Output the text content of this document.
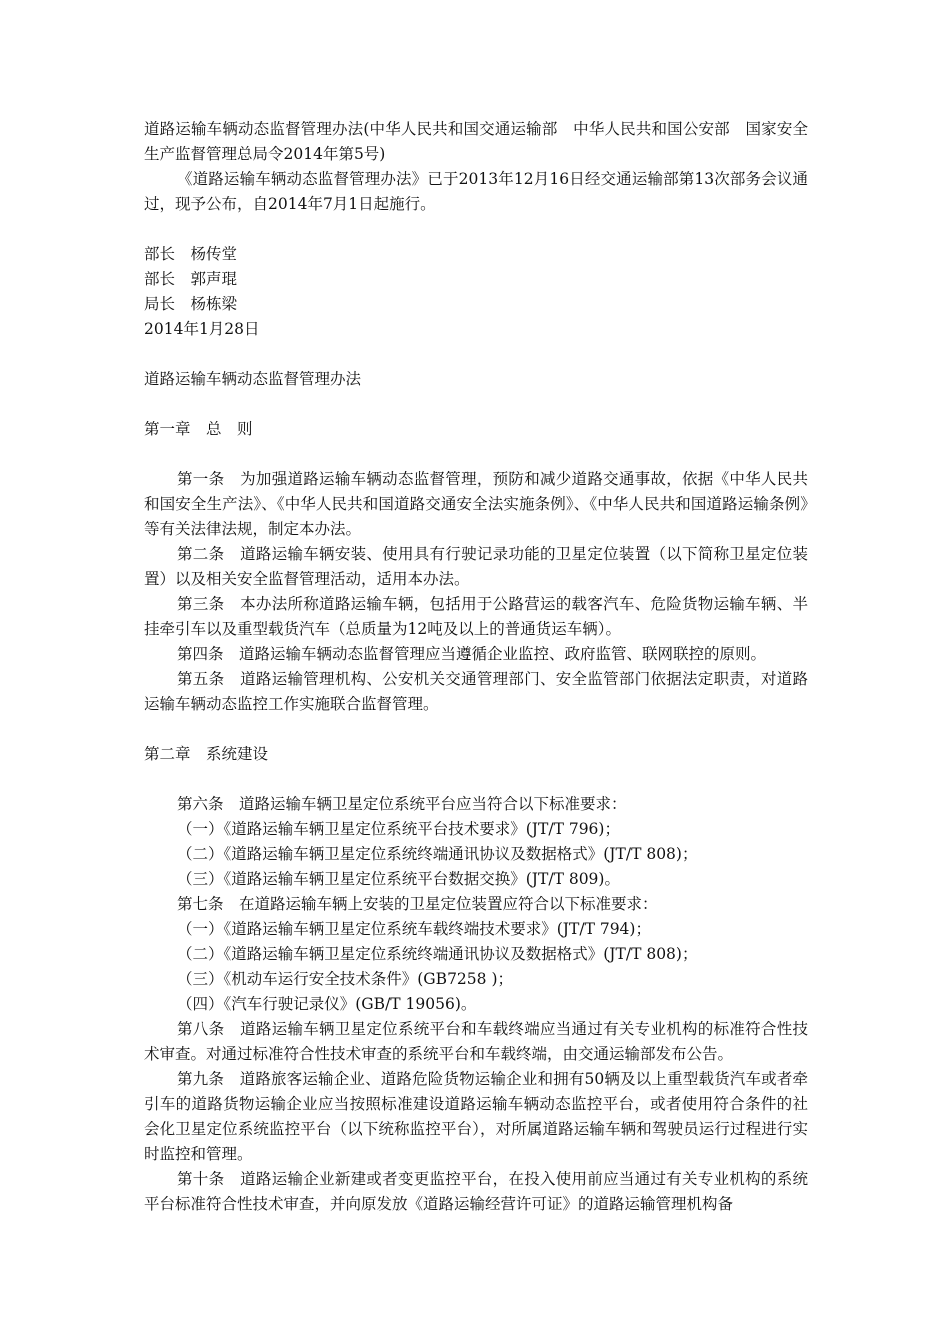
道路运输车辆动态监督管理办法(中华人民共和国交通运输部　中华人民共和国公安部　国家安全生产监督管理总局令2014年第5号)

《道路运输车辆动态监督管理办法》已于2013年12月16日经交通运输部第13次部务会议通过，现予公布，自2014年7月1日起施行。

部长　杨传堂

部长　郭声琨

局长　杨栋梁

2014年1月28日

道路运输车辆动态监督管理办法

第一章　总　则

第一条　为加强道路运输车辆动态监督管理，预防和减少道路交通事故，依据《中华人民共和国安全生产法》、《中华人民共和国道路交通安全法实施条例》、《中华人民共和国道路运输条例》等有关法律法规，制定本办法。

第二条　道路运输车辆安装、使用具有行驶记录功能的卫星定位装置（以下简称卫星定位装置）以及相关安全监督管理活动，适用本办法。

第三条　本办法所称道路运输车辆，包括用于公路营运的载客汽车、危险货物运输车辆、半挂牵引车以及重型载货汽车（总质量为12吨及以上的普通货运车辆）。

第四条　道路运输车辆动态监督管理应当遵循企业监控、政府监管、联网联控的原则。

第五条　道路运输管理机构、公安机关交通管理部门、安全监管部门依据法定职责，对道路运输车辆动态监控工作实施联合监督管理。

第二章　系统建设

第六条　道路运输车辆卫星定位系统平台应当符合以下标准要求：

（一）《道路运输车辆卫星定位系统平台技术要求》(JT/T 796)；

（二）《道路运输车辆卫星定位系统终端通讯协议及数据格式》(JT/T 808)；

（三）《道路运输车辆卫星定位系统平台数据交换》(JT/T 809)。

第七条　在道路运输车辆上安装的卫星定位装置应符合以下标准要求：

（一）《道路运输车辆卫星定位系统车载终端技术要求》(JT/T 794)；

（二）《道路运输车辆卫星定位系统终端通讯协议及数据格式》(JT/T 808)；

（三）《机动车运行安全技术条件》(GB7258 )；

（四）《汽车行驶记录仪》(GB/T 19056)。

第八条　道路运输车辆卫星定位系统平台和车载终端应当通过有关专业机构的标准符合性技术审查。对通过标准符合性技术审查的系统平台和车载终端，由交通运输部发布公告。

第九条　道路旅客运输企业、道路危险货物运输企业和拥有50辆及以上重型载货汽车或者牵引车的道路货物运输企业应当按照标准建设道路运输车辆动态监控平台，或者使用符合条件的社会化卫星定位系统监控平台（以下统称监控平台），对所属道路运输车辆和驾驶员运行过程进行实时监控和管理。

第十条　道路运输企业新建或者变更监控平台，在投入使用前应当通过有关专业机构的系统平台标准符合性技术审查，并向原发放《道路运输经营许可证》的道路运输管理机构备
